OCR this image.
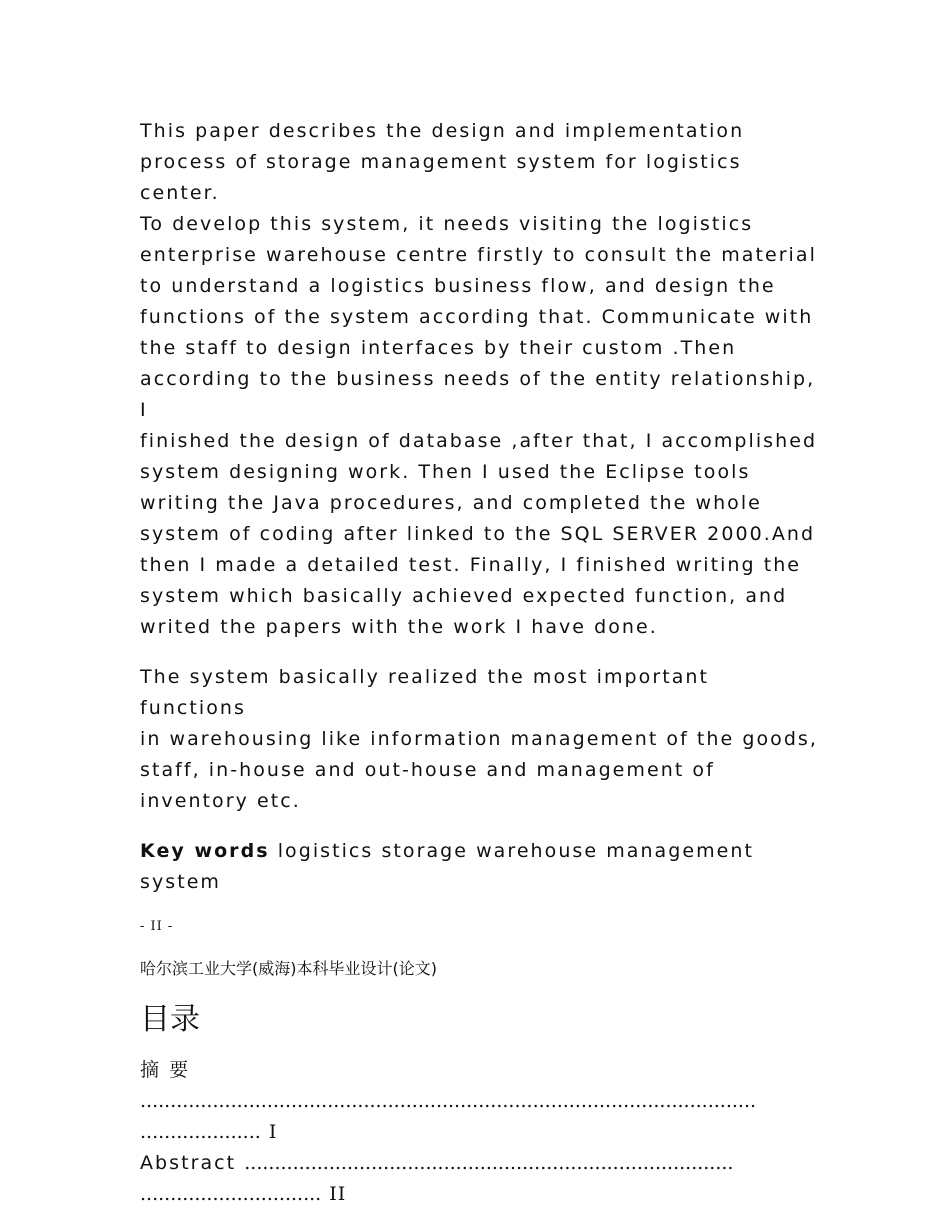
This paper describes the design and implementation
process of storage management system for logistics center.
To develop this system, it needs visiting the logistics
enterprise warehouse centre firstly to consult the material
to understand a logistics business flow, and design the
functions of the system according that. Communicate with
the staff to design interfaces by their custom .Then
according to the business needs of the entity relationship, I
finished the design of database ,after that, I accomplished
system designing work. Then I used the Eclipse tools
writing the Java procedures, and completed the whole
system of coding after linked to the SQL SERVER 2000.And
then I made a detailed test. Finally, I finished writing the
system which basically achieved expected function, and
writed the papers with the work I have done.

The system basically realized the most important functions
in warehousing like information management of the goods,
staff, in-house and out-house and management of
inventory etc.

Key words logistics storage warehouse management system

- II -
哈尔滨工业大学(威海)本科毕业设计(论文)
目录
摘 要
......................................................................................................
.................... I
Abstract .................................................................................
.............................. II
